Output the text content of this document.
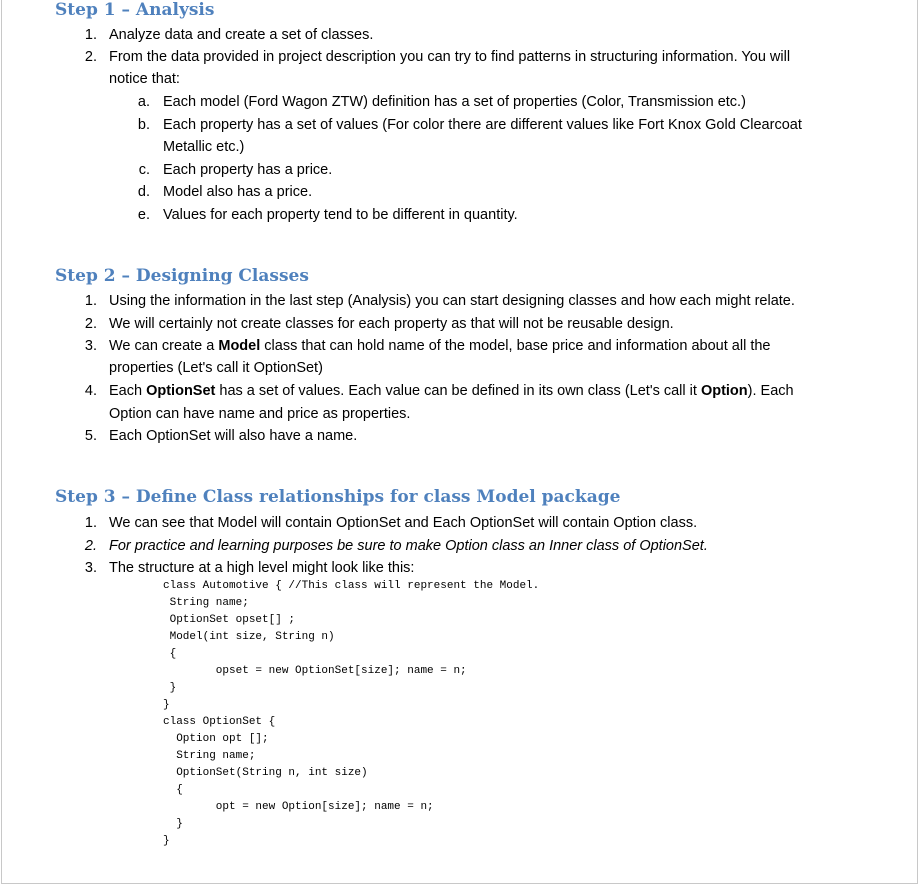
Step 1 – Analysis
1. Analyze data and create a set of classes.
2. From the data provided in project description you can try to find patterns in structuring information. You will
notice that:
a. Each model (Ford Wagon ZTW) definition has a set of properties (Color, Transmission etc.)
b. Each property has a set of values (For color there are different values like Fort Knox Gold Clearcoat
Metallic etc.)
c. Each property has a price.
d. Model also has a price.
e. Values for each property tend to be different in quantity.
Step 2 – Designing Classes
1. Using the information in the last step (Analysis) you can start designing classes and how each might relate.
2. We will certainly not create classes for each property as that will not be reusable design.
3. We can create a Model class that can hold name of the model, base price and information about all the
properties (Let's call it OptionSet)
4. Each OptionSet has a set of values. Each value can be defined in its own class (Let's call it Option). Each
Option can have name and price as properties.
5. Each OptionSet will also have a name.
Step 3 – Define Class relationships for class Model package
1. We can see that Model will contain OptionSet and Each OptionSet will contain Option class.
2. For practice and learning purposes be sure to make Option class an Inner class of OptionSet.
3. The structure at a high level might look like this:
class Automotive { //This class will represent the Model.
String name;
OptionSet opset[] ;
Model(int size, String n)
{
opset = new OptionSet[size]; name = n;
}
}
class OptionSet {
Option opt [];
String name;
OptionSet(String n, int size)
{
opt = new Option[size]; name = n;
}
}
